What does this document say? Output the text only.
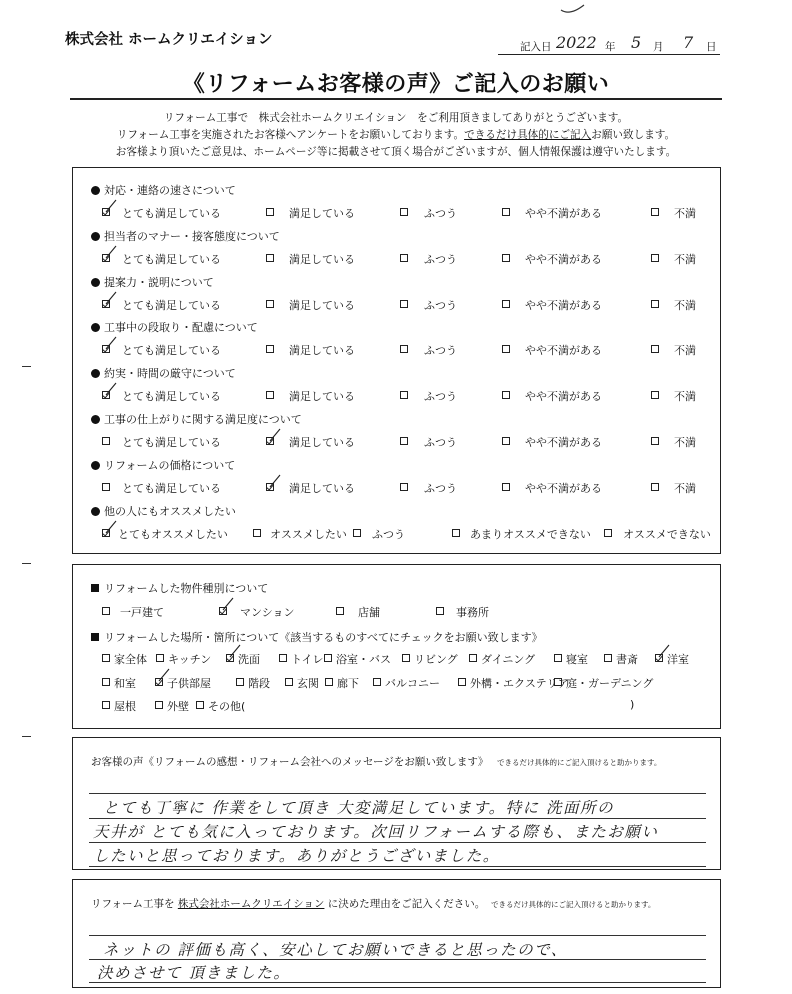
株式会社 ホームクリエイション	記入日 2022 年 5 月 7 日
《リフォームお客様の声》ご記入のお願い
リフォーム工事で　株式会社ホームクリエイション　をご利用頂きましてありがとうございます。
リフォーム工事を実施されたお客様へアンケートをお願いしております。できるだけ具体的にご記入お願い致します。
お客様より頂いたご意見は、ホームページ等に掲載させて頂く場合がございますが、個人情報保護は遵守いたします。
対応・連絡の速さについて
とても満足している	満足している	ふつう	やや不満がある	不満
担当者のマナー・接客態度について
とても満足している	満足している	ふつう	やや不満がある	不満
提案力・説明について
とても満足している	満足している	ふつう	やや不満がある	不満
工事中の段取り・配慮について
とても満足している	満足している	ふつう	やや不満がある	不満
約実・時間の厳守について
とても満足している	満足している	ふつう	やや不満がある	不満
工事の仕上がりに関する満足度について
とても満足している	満足している	ふつう	やや不満がある	不満
リフォームの価格について
とても満足している	満足している	ふつう	やや不満がある	不満
他の人にもオススメしたい
とてもオススメしたい	オススメしたい ふつう	あまりオススメできない	オススメできない
リフォームした物件種別について
一戸建て	マンション	店舗	事務所
リフォームした場所・箇所について《該当するものすべてにチェックをお願い致します》
家全体 キッチン 洗面	トイレ 浴室・バス リビング ダイニング	寝室	書斎	洋室
和室	子供部屋	階段 玄関 廊下 バルコニー	外構・エクステリア
庭・ガーデニング
屋根	外壁 その他(	)
お客様の声《リフォームの感想・リフォーム会社へのメッセージをお願い致します》 できるだけ具体的にご記入頂けると助かります。
とても丁寧に 作業をして頂き 大変満足しています。特に 洗面所の
天井が とても気に入っております。次回リフォームする際も、またお願い
したいと思っております。ありがとうございました。
リフォーム工事を 株式会社ホームクリエイション に決めた理由をご記入ください。 できるだけ具体的にご記入頂けると助かります。
ネットの 評価も高く、安心してお願いできると思ったので、
決めさせて 頂きました。
